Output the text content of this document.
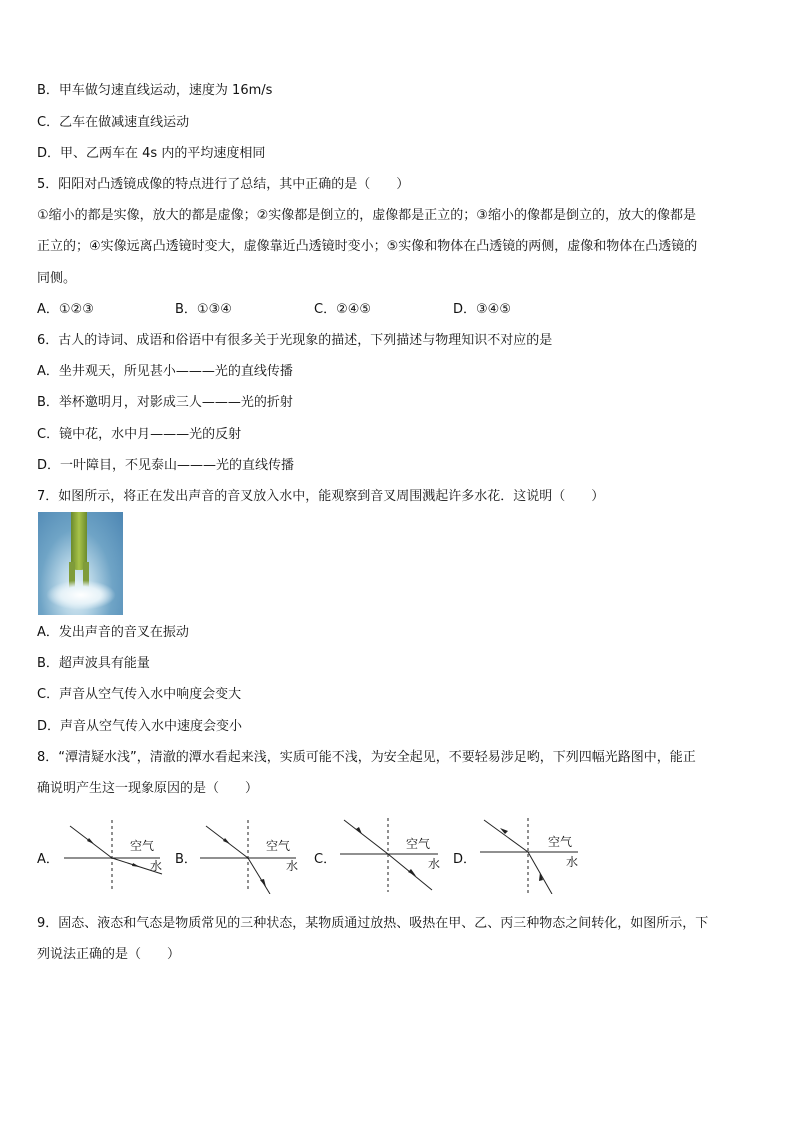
B．甲车做匀速直线运动，速度为 16m/s
C．乙车在做减速直线运动
D．甲、乙两车在 4s 内的平均速度相同
5．阳阳对凸透镜成像的特点进行了总结，其中正确的是（　　）
①缩小的都是实像，放大的都是虚像；②实像都是倒立的，虚像都是正立的；③缩小的像都是倒立的，放大的像都是
正立的；④实像远离凸透镜时变大，虚像靠近凸透镜时变小；⑤实像和物体在凸透镜的两侧，虚像和物体在凸透镜的
同侧。
A．①②③	B．①③④	C．②④⑤	D．③④⑤
6．古人的诗词、成语和俗语中有很多关于光现象的描述，下列描述与物理知识不对应的是
A．坐井观天，所见甚小———光的直线传播
B．举杯邀明月，对影成三人———光的折射
C．镜中花，水中月———光的反射
D．一叶障目，不见泰山———光的直线传播
7．如图所示，将正在发出声音的音叉放入水中，能观察到音叉周围溅起许多水花．这说明（　　）
A．发出声音的音叉在振动
B．超声波具有能量
C．声音从空气传入水中响度会变大
D．声音从空气传入水中速度会变小
8．“潭清疑水浅”，清澈的潭水看起来浅，实质可能不浅，为安全起见，不要轻易涉足哟，下列四幅光路图中，能正
确说明产生这一现象原因的是（　　）
A．
空气
水 B．
空气
水 C．
空气
水 D．
空气
水
9．固态、液态和气态是物质常见的三种状态，某物质通过放热、吸热在甲、乙、丙三种物态之间转化，如图所示，下
列说法正确的是（　　）
